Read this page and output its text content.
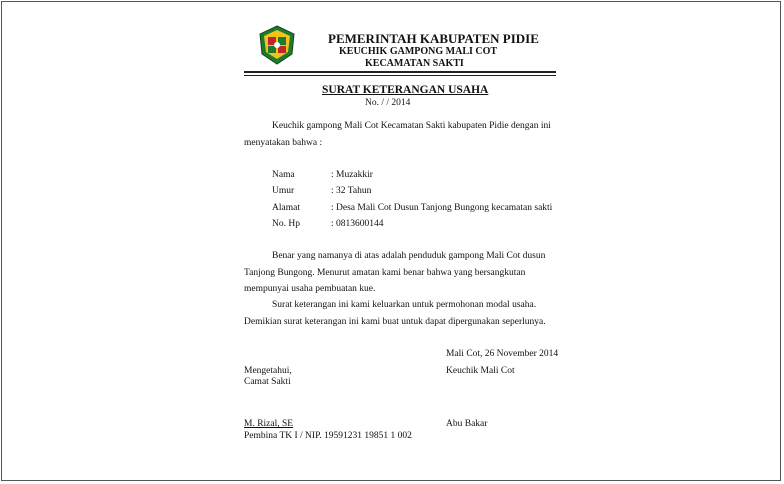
PEMERINTAH KABUPATEN PIDIE
KEUCHIK GAMPONG MALI COT
KECAMATAN SAKTI
SURAT KETERANGAN USAHA
No. / / 2014
Keuchik gampong Mali Cot Kecamatan Sakti kabupaten Pidie dengan ini
menyatakan bahwa :
Nama	: Muzakkir
Umur	: 32 Tahun
Alamat	: Desa Mali Cot Dusun Tanjong Bungong kecamatan sakti
No. Hp	: 0813600144
Benar yang namanya di atas adalah penduduk gampong Mali Cot dusun
Tanjong Bungong. Menurut amatan kami benar bahwa yang bersangkutan
mempunyai usaha pembuatan kue.
Surat keterangan ini kami keluarkan untuk permohonan modal usaha.
Demikian surat keterangan ini kami buat untuk dapat dipergunakan seperlunya.
Mali Cot, 26 November 2014
Mengetahui,	Keuchik Mali Cot
Camat Sakti
M. Rizal, SE	Abu Bakar
Pembina TK I / NIP. 19591231 19851 1 002
